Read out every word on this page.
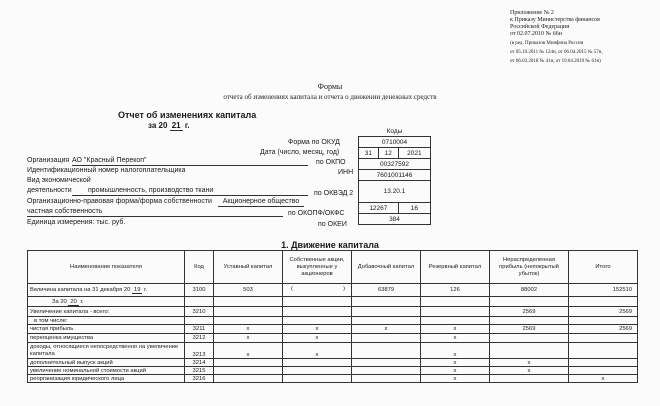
Приложение № 2
к Приказу Министерства финансов
Российской Федерации
от 02.07.2010 № 66н
(в ред. Приказов Минфина России
от 05.10.2011 № 124н, от 06.04.2015 № 57н,
от 06.03.2018 № 41н, от 19.04.2019 № 61н)
Формы
отчета об изменениях капитала и отчета о движении денежных средств
Отчет об изменениях капитала
за 20 21 г.
Коды		
0710004		
31	12	2021
00327592		
7601001146		
13.20.1		
12267		16
384		
Форма по ОКУД
Дата (число, месяц, год)
по ОКПО
ИНН
по ОКВЭД 2
по ОКОПФ/ОКФС
по ОКЕИ
Организация АО "Красный Перекоп"
Идентификационный номер налогоплательщика
Вид экономической
деятельности	промышленность, производство ткани
Организационно-правовая форма/форма собственности	Акционерное общество
частная собственность
Единица измерения: тыс. руб.
1. Движение капитала
Наименование показателя	Код	Уставный капитал	Собственные акции, выкупленные у акционеров	Добавочный капитал	Резервный капитал	Нераспределенная прибыль (непокрытый убыток)	Итого
Величина капитала на 31 декабря 20 19 г.	3100	503	( )	63879	126	88002	152510
За 20 20 г.							
Увеличение капитала - всего:	3210					2569	2569
в том числе:							
чистая прибыль	3211	x	x	x	x	2569	2569
переоценка имущества	3212	x	x		x		
доходы, относящиеся непосредственно на увеличение капитала	3213	x	x		x		
дополнительный выпуск акций	3214				x	x	
увеличение номинальной стоимости акций	3215				x	x	
реорганизация юридического лица	3216				x		x
